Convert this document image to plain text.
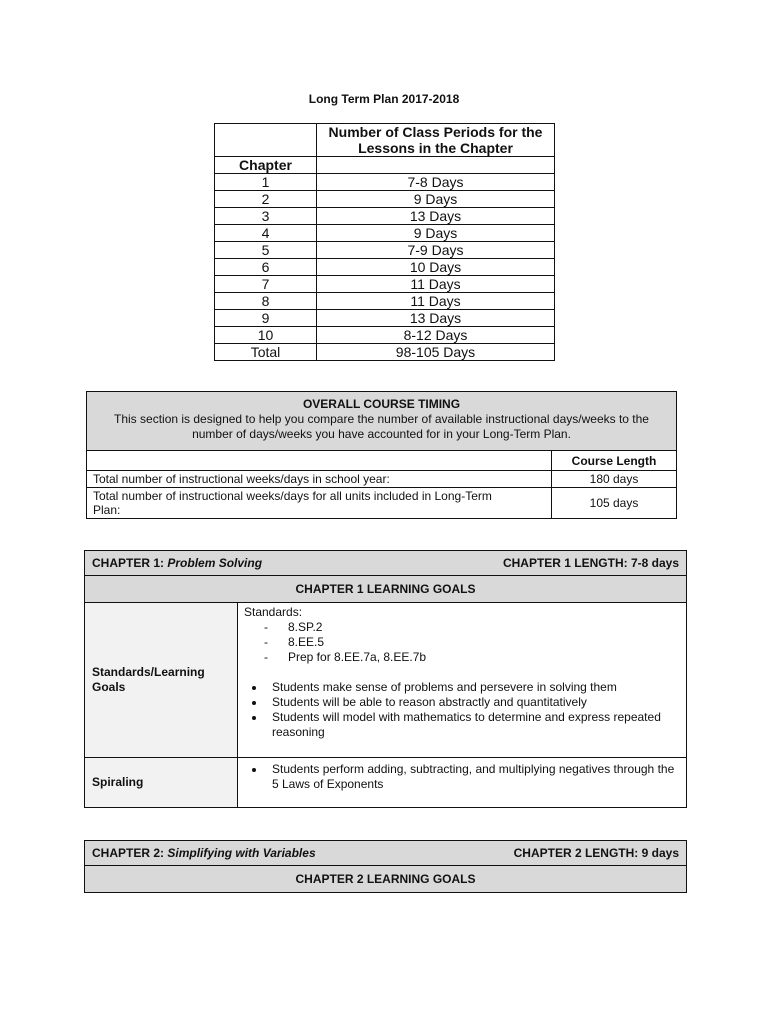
Long Term Plan 2017-2018
	Number of Class Periods for the Lessons in the Chapter
Chapter	
1	7-8 Days
2	9 Days
3	13 Days
4	9 Days
5	7-9 Days
6	10 Days
7	11 Days
8	11 Days
9	13 Days
10	8-12 Days
Total	98-105 Days
OVERALL COURSE TIMING
This section is designed to help you compare the number of available instructional days/weeks to the number of days/weeks you have accounted for in your Long-Term Plan.
	Course Length
Total number of instructional weeks/days in school year:	180 days
Total number of instructional weeks/days for all units included in Long-Term Plan:	105 days
CHAPTER 1: Problem Solving	CHAPTER 1 LENGTH: 7-8 days
CHAPTER 1 LEARNING GOALS
Standards/Learning Goals
Standards:
- 8.SP.2
- 8.EE.5
- Prep for 8.EE.7a, 8.EE.7b
• Students make sense of problems and persevere in solving them
• Students will be able to reason abstractly and quantitatively
• Students will model with mathematics to determine and express repeated reasoning
Spiraling
• Students perform adding, subtracting, and multiplying negatives through the 5 Laws of Exponents
CHAPTER 2: Simplifying with Variables	CHAPTER 2 LENGTH: 9 days
CHAPTER 2 LEARNING GOALS
